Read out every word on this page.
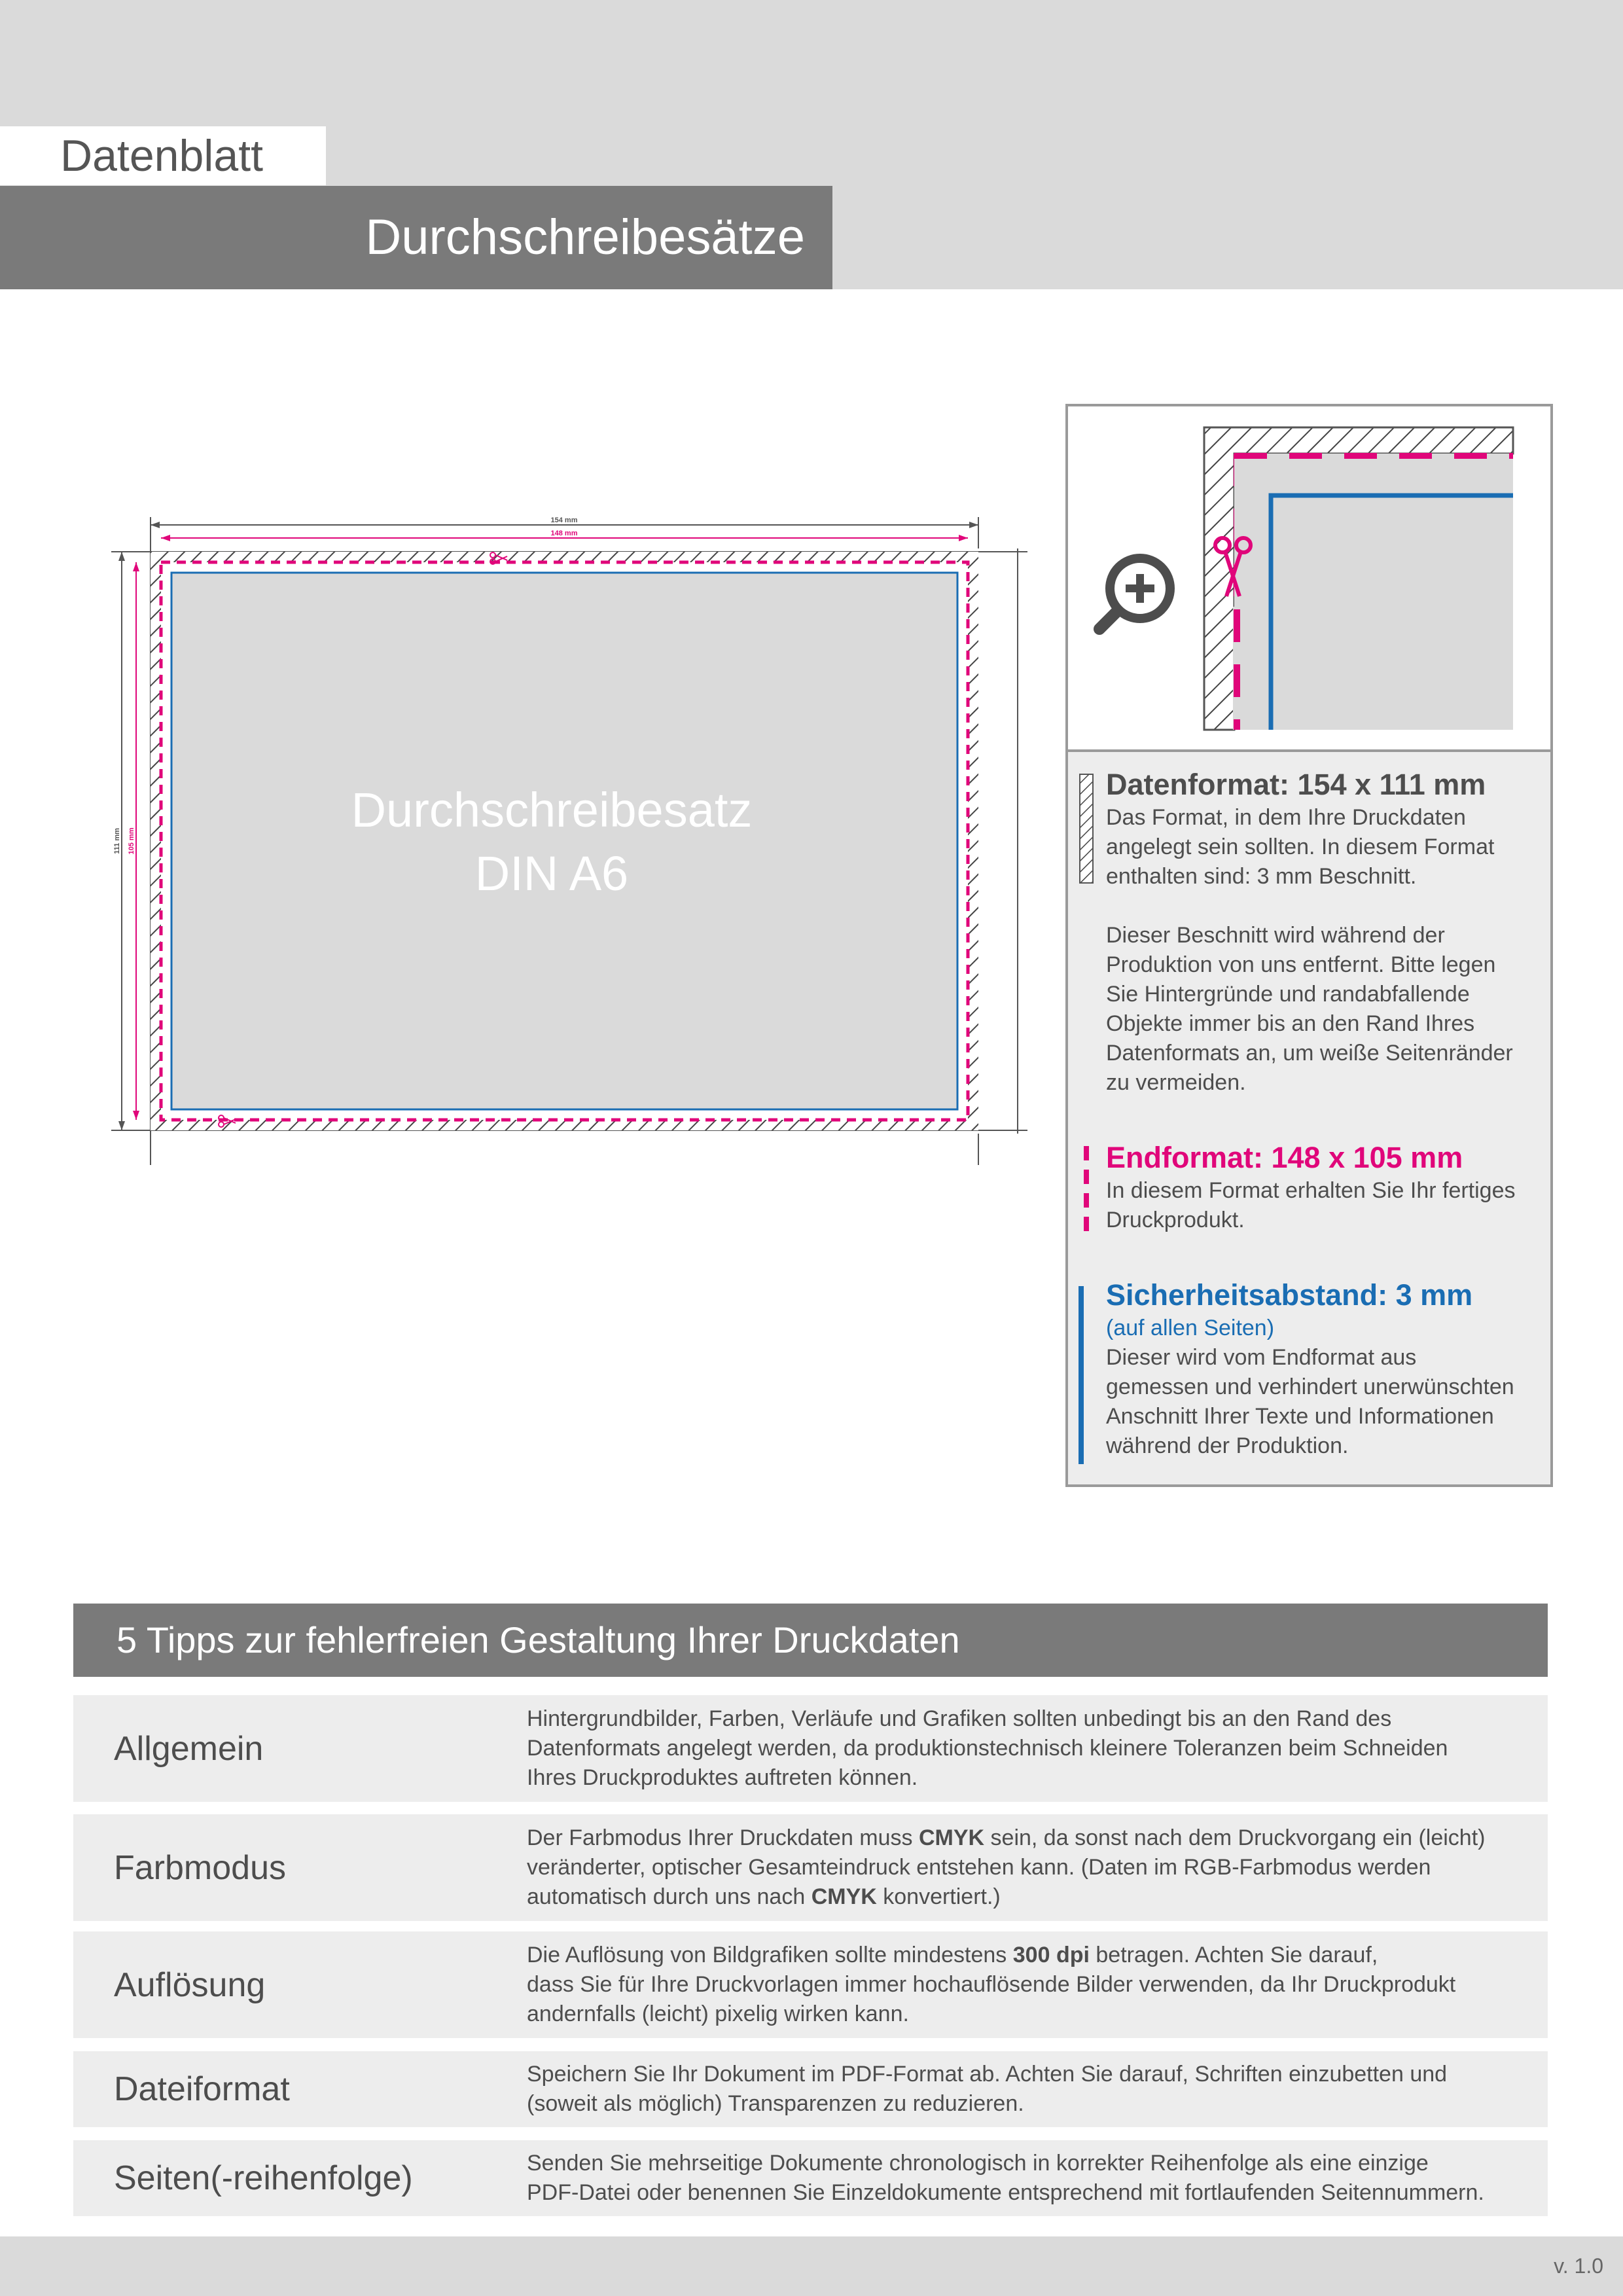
Datenblatt
Durchschreibesätze
154 mm
148 mm
111 mm 105 mm
Durchschreibesatz
DIN A6
Datenformat: 154 x 111 mm
Das Format, in dem Ihre Druckdaten
angelegt sein sollten. In diesem Format
enthalten sind: 3 mm Beschnitt.
Dieser Beschnitt wird während der
Produktion von uns entfernt. Bitte legen
Sie Hintergründe und randabfallende
Objekte immer bis an den Rand Ihres
Datenformats an, um weiße Seitenränder
zu vermeiden.
Endformat: 148 x 105 mm
In diesem Format erhalten Sie Ihr fertiges
Druckprodukt.
Sicherheitsabstand: 3 mm
(auf allen Seiten)
Dieser wird vom Endformat aus
gemessen und verhindert unerwünschten
Anschnitt Ihrer Texte und Informationen
während der Produktion.
5 Tipps zur fehlerfreien Gestaltung Ihrer Druckdaten
Allgemein
Hintergrundbilder, Farben, Verläufe und Grafiken sollten unbedingt bis an den Rand des
Datenformats angelegt werden, da produktionstechnisch kleinere Toleranzen beim Schneiden
Ihres Druckproduktes auftreten können.
Farbmodus
Der Farbmodus Ihrer Druckdaten muss CMYK sein, da sonst nach dem Druckvorgang ein (leicht)
veränderter, optischer Gesamteindruck entstehen kann. (Daten im RGB-Farbmodus werden
automatisch durch uns nach CMYK konvertiert.)
Auflösung
Die Auflösung von Bildgrafiken sollte mindestens 300 dpi betragen. Achten Sie darauf,
dass Sie für Ihre Druckvorlagen immer hochauflösende Bilder verwenden, da Ihr Druckprodukt
andernfalls (leicht) pixelig wirken kann.
Dateiformat	Speichern Sie Ihr Dokument im PDF-Format ab. Achten Sie darauf, Schriften einzubetten und
(soweit als möglich) Transparenzen zu reduzieren.
Seiten(-reihenfolge)	Senden Sie mehrseitige Dokumente chronologisch in korrekter Reihenfolge als eine einzige
PDF-Datei oder benennen Sie Einzeldokumente entsprechend mit fortlaufenden Seitennummern.
v. 1.0
